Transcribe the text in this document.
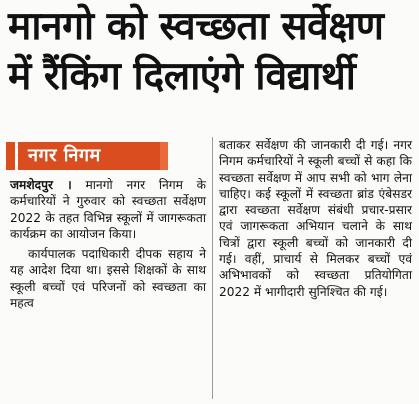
मानगो को स्वच्छता सर्वेक्षण
में रैंकिंग दिलाएंगे विद्यार्थी
नगर निगम

जमशेदपुर । मानगो नगर निगम के कर्मचारियों ने गुरुवार को स्वच्छता सर्वेक्षण 2022 के तहत विभिन्न स्कूलों में जागरूकता कार्यक्रम का आयोजन किया।

कार्यपालक पदाधिकारी दीपक सहाय ने यह आदेश दिया था। इससे शिक्षकों के साथ स्कूली बच्चों एवं परिजनों को स्वच्छता का महत्व

बताकर सर्वेक्षण की जानकारी दी गई। नगर निगम कर्मचारियों ने स्कूली बच्चों से कहा कि स्वच्छता सर्वेक्षण में आप सभी को भाग लेना चाहिए। कई स्कूलों में स्वच्छता ब्रांड एंबेसडर द्वारा स्वच्छता सर्वेक्षण संबंधी प्रचार-प्रसार एवं जागरूकता अभियान चलाने के साथ चित्रों द्वारा स्कूली बच्चों को जानकारी दी गई। वहीं, प्राचार्य से मिलकर बच्चों एवं अभिभावकों को स्वच्छता प्रतियोगिता 2022 में भागीदारी सुनिश्चित की गई।
